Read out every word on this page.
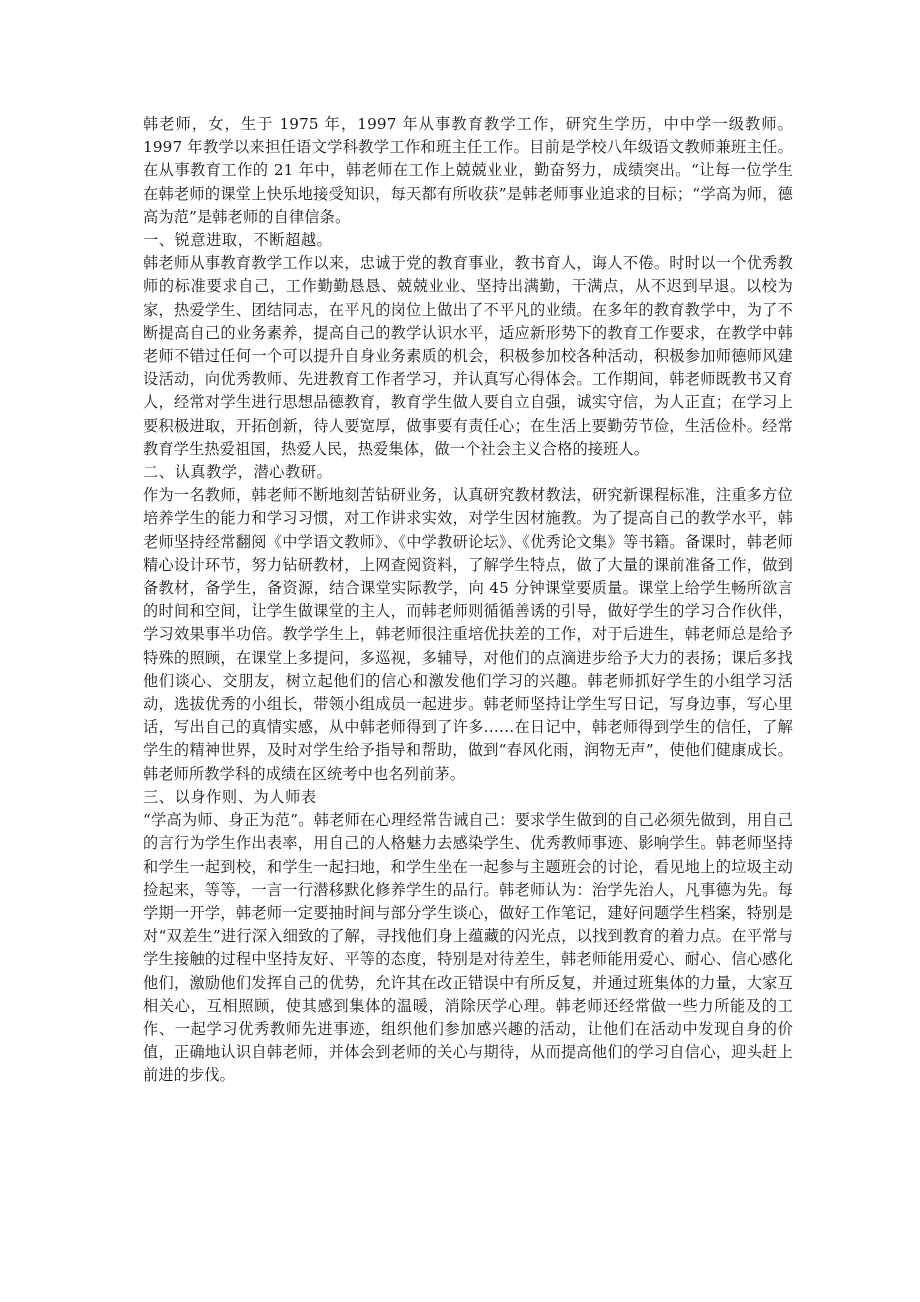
韩老师，女，生于 1975 年，1997 年从事教育教学工作，研究生学历，中中学一级教师。1997 年教学以来担任语文学科教学工作和班主任工作。目前是学校八年级语文教师兼班主任。在从事教育工作的 21 年中，韩老师在工作上兢兢业业，勤奋努力，成绩突出。“让每一位学生在韩老师的课堂上快乐地接受知识，每天都有所收获”是韩老师事业追求的目标；“学高为师，德高为范”是韩老师的自律信条。

一、锐意进取，不断超越。

韩老师从事教育教学工作以来，忠诚于党的教育事业，教书育人，诲人不倦。时时以一个优秀教师的标准要求自己，工作勤勤恳恳、兢兢业业、坚持出满勤，干满点，从不迟到早退。以校为家，热爱学生、团结同志，在平凡的岗位上做出了不平凡的业绩。在多年的教育教学中，为了不断提高自己的业务素养，提高自己的教学认识水平，适应新形势下的教育工作要求，在教学中韩老师不错过任何一个可以提升自身业务素质的机会，积极参加校各种活动，积极参加师德师风建设活动，向优秀教师、先进教育工作者学习，并认真写心得体会。工作期间，韩老师既教书又育人，经常对学生进行思想品德教育，教育学生做人要自立自强，诚实守信，为人正直；在学习上要积极进取，开拓创新，待人要宽厚，做事要有责任心；在生活上要勤劳节俭，生活俭朴。经常教育学生热爱祖国，热爱人民，热爱集体，做一个社会主义合格的接班人。

二、认真教学，潜心教研。

作为一名教师，韩老师不断地刻苦钻研业务，认真研究教材教法，研究新课程标准，注重多方位培养学生的能力和学习习惯，对工作讲求实效，对学生因材施教。为了提高自己的教学水平，韩老师坚持经常翻阅《中学语文教师》、《中学教研论坛》、《优秀论文集》等书籍。备课时，韩老师精心设计环节，努力钻研教材，上网查阅资料，了解学生特点，做了大量的课前准备工作，做到备教材，备学生，备资源，结合课堂实际教学，向 45 分钟课堂要质量。课堂上给学生畅所欲言的时间和空间，让学生做课堂的主人，而韩老师则循循善诱的引导，做好学生的学习合作伙伴，学习效果事半功倍。教学学生上，韩老师很注重培优扶差的工作，对于后进生，韩老师总是给予特殊的照顾，在课堂上多提问，多巡视，多辅导，对他们的点滴进步给予大力的表扬；课后多找他们谈心、交朋友，树立起他们的信心和激发他们学习的兴趣。韩老师抓好学生的小组学习活动，选拔优秀的小组长，带领小组成员一起进步。韩老师坚持让学生写日记，写身边事，写心里话，写出自己的真情实感，从中韩老师得到了许多……在日记中，韩老师得到学生的信任，了解学生的精神世界，及时对学生给予指导和帮助，做到“春风化雨，润物无声”，使他们健康成长。韩老师所教学科的成绩在区统考中也名列前茅。

三、以身作则、为人师表

“学高为师、身正为范”。韩老师在心理经常告诫自己：要求学生做到的自己必须先做到，用自己的言行为学生作出表率，用自己的人格魅力去感染学生、优秀教师事迹、影响学生。韩老师坚持和学生一起到校，和学生一起扫地，和学生坐在一起参与主题班会的讨论，看见地上的垃圾主动捡起来，等等，一言一行潜移默化修养学生的品行。韩老师认为：治学先治人，凡事德为先。每学期一开学，韩老师一定要抽时间与部分学生谈心，做好工作笔记，建好问题学生档案，特别是对“双差生”进行深入细致的了解，寻找他们身上蕴藏的闪光点，以找到教育的着力点。在平常与学生接触的过程中坚持友好、平等的态度，特别是对待差生，韩老师能用爱心、耐心、信心感化他们，激励他们发挥自己的优势，允许其在改正错误中有所反复，并通过班集体的力量，大家互相关心，互相照顾，使其感到集体的温暖，消除厌学心理。韩老师还经常做一些力所能及的工作、一起学习优秀教师先进事迹，组织他们参加感兴趣的活动，让他们在活动中发现自身的价值，正确地认识自韩老师，并体会到老师的关心与期待，从而提高他们的学习自信心，迎头赶上前进的步伐。
